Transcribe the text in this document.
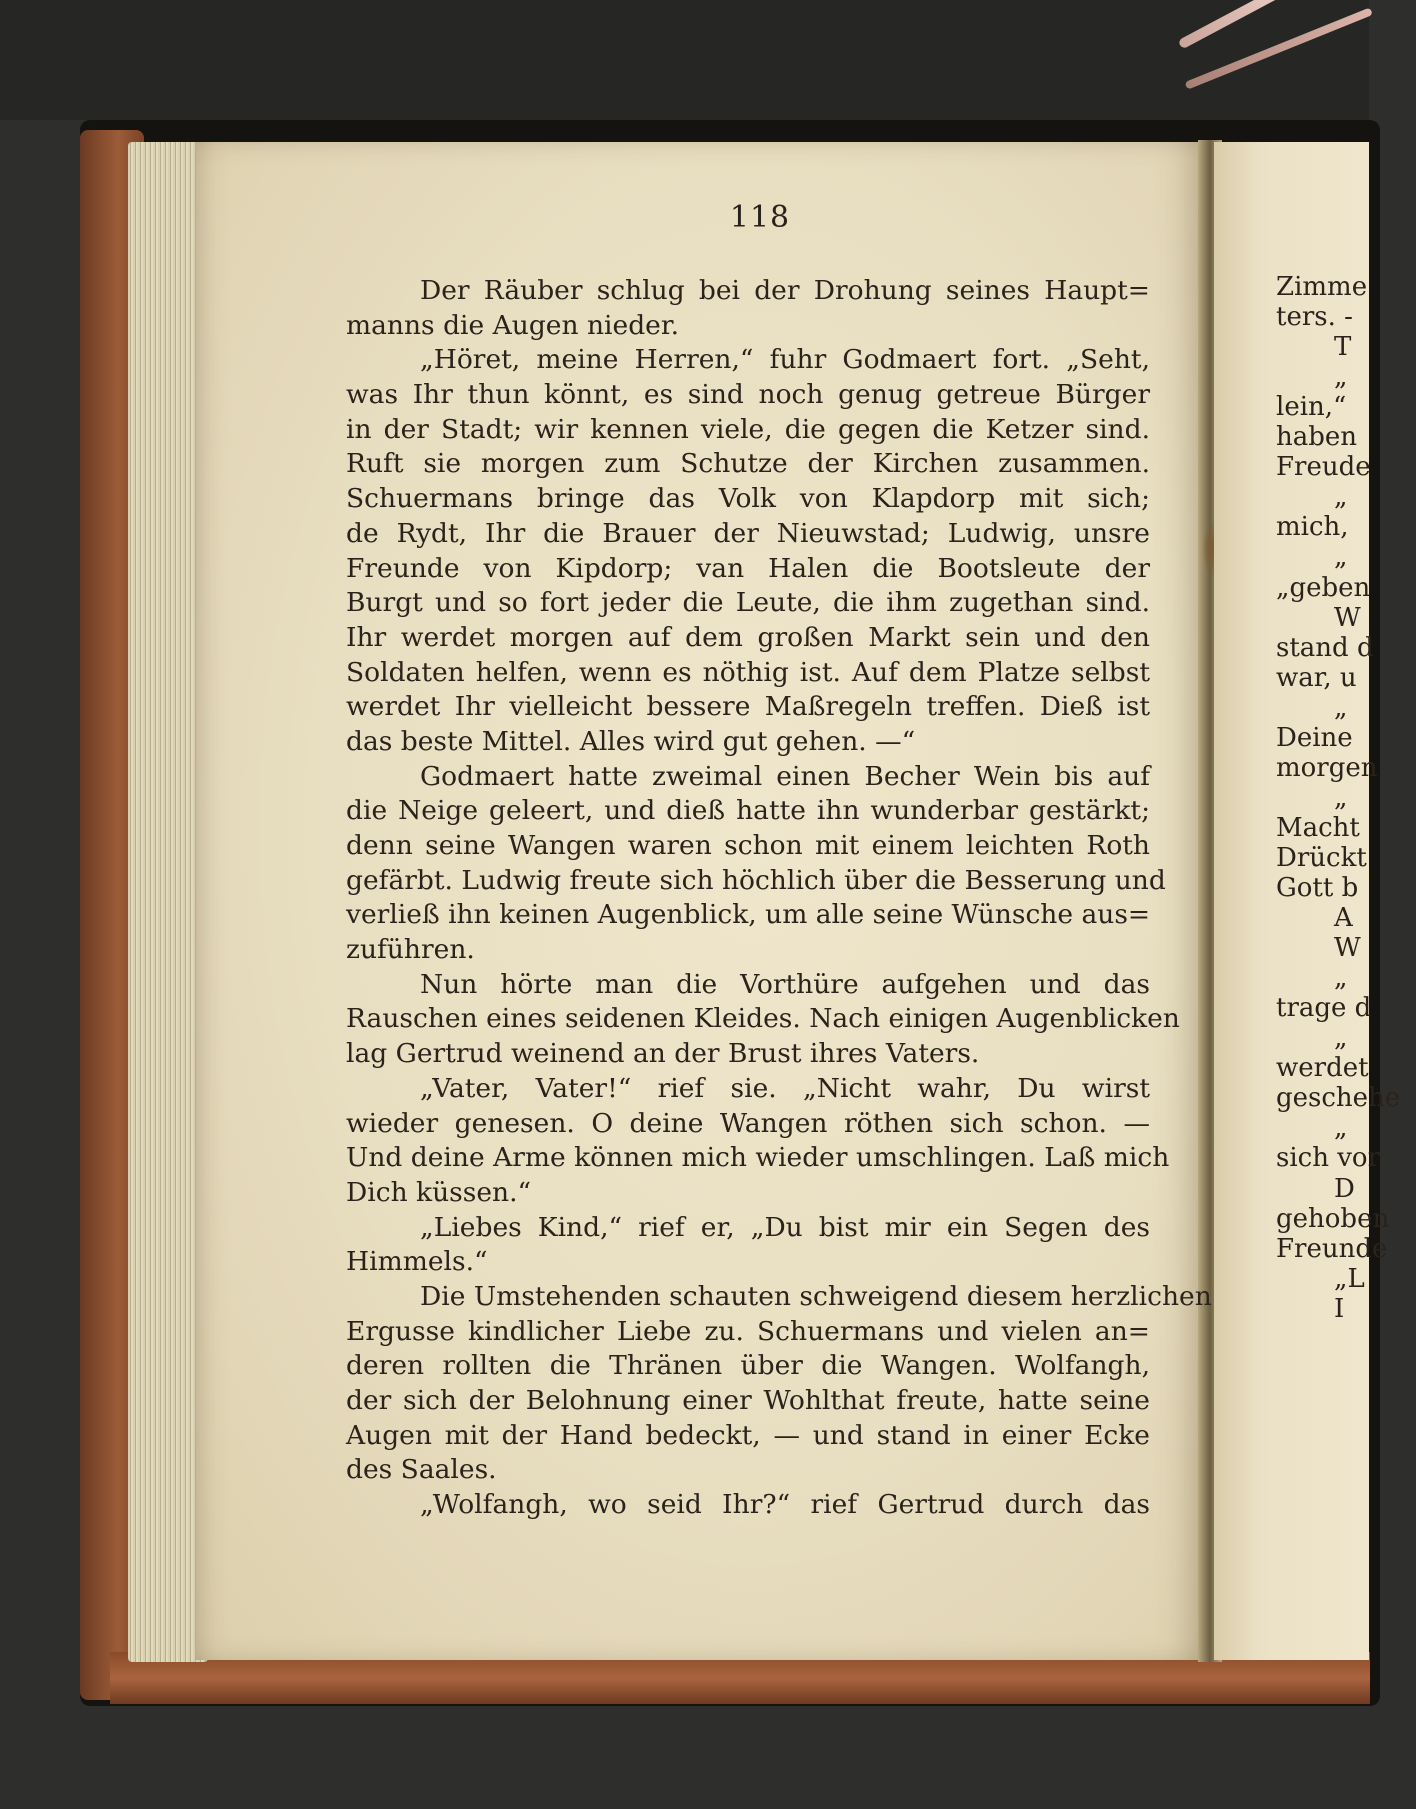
118
Der Räuber schlug bei der Drohung seines Haupt=
manns die Augen nieder.
„Höret, meine Herren,“ fuhr Godmaert fort. „Seht,
was Ihr thun könnt, es sind noch genug getreue Bürger
in der Stadt; wir kennen viele, die gegen die Ketzer sind.
Ruft sie morgen zum Schutze der Kirchen zusammen.
Schuermans bringe das Volk von Klapdorp mit sich;
de Rydt, Ihr die Brauer der Nieuwstad; Ludwig, unsre
Freunde von Kipdorp; van Halen die Bootsleute der
Burgt und so fort jeder die Leute, die ihm zugethan sind.
Ihr werdet morgen auf dem großen Markt sein und den
Soldaten helfen, wenn es nöthig ist. Auf dem Platze selbst
werdet Ihr vielleicht bessere Maßregeln treffen. Dieß ist
das beste Mittel. Alles wird gut gehen. —“
Godmaert hatte zweimal einen Becher Wein bis auf
die Neige geleert, und dieß hatte ihn wunderbar gestärkt;
denn seine Wangen waren schon mit einem leichten Roth
gefärbt. Ludwig freute sich höchlich über die Besserung und
verließ ihn keinen Augenblick, um alle seine Wünsche aus=
zuführen.
Nun hörte man die Vorthüre aufgehen und das
Rauschen eines seidenen Kleides. Nach einigen Augenblicken
lag Gertrud weinend an der Brust ihres Vaters.
„Vater, Vater!“ rief sie. „Nicht wahr, Du wirst
wieder genesen. O deine Wangen röthen sich schon. —
Und deine Arme können mich wieder umschlingen. Laß mich
Dich küssen.“
„Liebes Kind,“ rief er, „Du bist mir ein Segen des
Himmels.“
Die Umstehenden schauten schweigend diesem herzlichen
Ergusse kindlicher Liebe zu. Schuermans und vielen an=
deren rollten die Thränen über die Wangen. Wolfangh,
der sich der Belohnung einer Wohlthat freute, hatte seine
Augen mit der Hand bedeckt, — und stand in einer Ecke
des Saales.
„Wolfangh, wo seid Ihr?“ rief Gertrud durch das
Zimme
ters. -
T
„
lein,“
haben
Freude
„
mich,
„
„geben
W
stand d
war, u
„
Deine
morgen
„
Macht
Drückt
Gott b
A
W
„
trage d
„
werdet
geschehe
„
sich vor
D
gehoben
Freunde
„L
I
